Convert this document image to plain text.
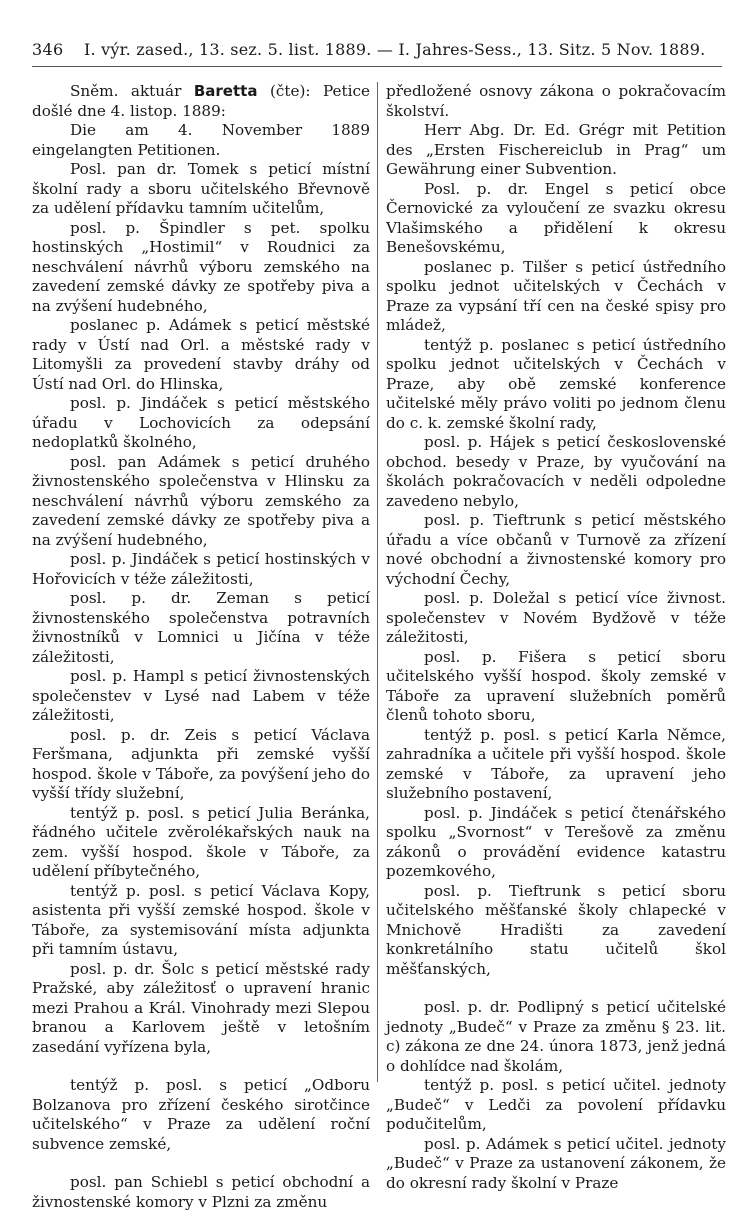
346 I. výr. zased., 13. sez. 5. list. 1889. — I. Jahres-Sess., 13. Sitz. 5 Nov. 1889.

Sněm. aktuár Baretta (čte): Petice došlé dne 4. listop. 1889:

Die am 4. November 1889 eingelangten Petitionen.

Posl. pan dr. Tomek s peticí místní školní rady a sboru učitelského Břevnově za udělení přídavku tamním učitelům,

posl. p. Špindler s pet. spolku hostinských „Hostimil“ v Roudnici za neschválení návrhů výboru zemského na zavedení zemské dávky ze spotřeby piva a na zvýšení hudebného,

poslanec p. Adámek s peticí městské rady v Ústí nad Orl. a městské rady v Litomyšli za provedení stavby dráhy od Ústí nad Orl. do Hlinska,

posl. p. Jindáček s peticí městského úřadu v Lochovicích za odepsání nedoplatků školného,

posl. pan Adámek s peticí druhého živnostenského společenstva v Hlinsku za neschválení návrhů výboru zemského za zavedení zemské dávky ze spotřeby piva a na zvýšení hudebného,

posl. p. Jindáček s peticí hostinských v Hořovicích v téže záležitosti,

posl. p. dr. Zeman s peticí živnostenského společenstva potravních živnostníků v Lomnici u Jičína v téže záležitosti,

posl. p. Hampl s peticí živnostenských společenstev v Lysé nad Labem v téže záležitosti,

posl. p. dr. Zeis s peticí Václava Feršmana, adjunkta při zemské vyšší hospod. škole v Táboře, za povýšení jeho do vyšší třídy služební,

tentýž p. posl. s peticí Julia Beránka, řádného učitele zvěrolékařských nauk na zem. vyšší hospod. škole v Táboře, za udělení příbytečného,

tentýž p. posl. s peticí Václava Kopy, asistenta při vyšší zemské hospod. škole v Táboře, za systemisování místa adjunkta při tamním ústavu,

posl. p. dr. Šolc s peticí městské rady Pražské, aby záležitosť o upravení hranic mezi Prahou a Král. Vinohrady mezi Slepou branou a Karlovem ještě v letošním zasedání vyřízena byla,

tentýž p. posl. s peticí „Odboru Bolzanova pro zřízení českého sirotčince učitelského“ v Praze za udělení roční subvence zemské,

posl. pan Schiebl s peticí obchodní a živnostenské komory v Plzni za změnu

předložené osnovy zákona o pokračovacím školství.

Herr Abg. Dr. Ed. Grégr mit Petition des „Ersten Fischereiclub in Prag“ um Gewährung einer Subvention.

Posl. p. dr. Engel s peticí obce Černovické za vyloučení ze svazku okresu Vlašimského a přidělení k okresu Benešovskému,

poslanec p. Tilšer s peticí ústředního spolku jednot učitelských v Čechách v Praze za vypsání tří cen na české spisy pro mládež,

tentýž p. poslanec s peticí ústředního spolku jednot učitelských v Čechách v Praze, aby obě zemské konference učitelské měly právo voliti po jednom členu do c. k. zemské školní rady,

posl. p. Hájek s peticí československé obchod. besedy v Praze, by vyučování na školách pokračovacích v neděli odpoledne zavedeno nebylo,

posl. p. Tieftrunk s peticí městského úřadu a více občanů v Turnově za zřízení nové obchodní a živnostenské komory pro východní Čechy,

posl. p. Doležal s peticí více živnost. společenstev v Novém Bydžově v téže záležitosti,

posl. p. Fišera s peticí sboru učitelského vyšší hospod. školy zemské v Táboře za upravení služebních poměrů členů tohoto sboru,

tentýž p. posl. s peticí Karla Němce, zahradníka a učitele při vyšší hospod. škole zemské v Táboře, za upravení jeho služebního postavení,

posl. p. Jindáček s peticí čtenářského spolku „Svornost“ v Terešově za změnu zákonů o provádění evidence katastru pozemkového,

posl. p. Tieftrunk s peticí sboru učitelského měšťanské školy chlapecké v Mnichově Hradišti za zavedení konkretálního statu učitelů škol měšťanských,

posl. p. dr. Podlipný s peticí učitelské jednoty „Budeč“ v Praze za změnu § 23. lit. c) zákona ze dne 24. února 1873, jenž jedná o dohlídce nad školám,

tentýž p. posl. s peticí učitel. jednoty „Budeč“ v Ledči za povolení přídavku podučitelům,

posl. p. Adámek s peticí učitel. jednoty „Budeč“ v Praze za ustanovení zákonem, že do okresní rady školní v Praze
